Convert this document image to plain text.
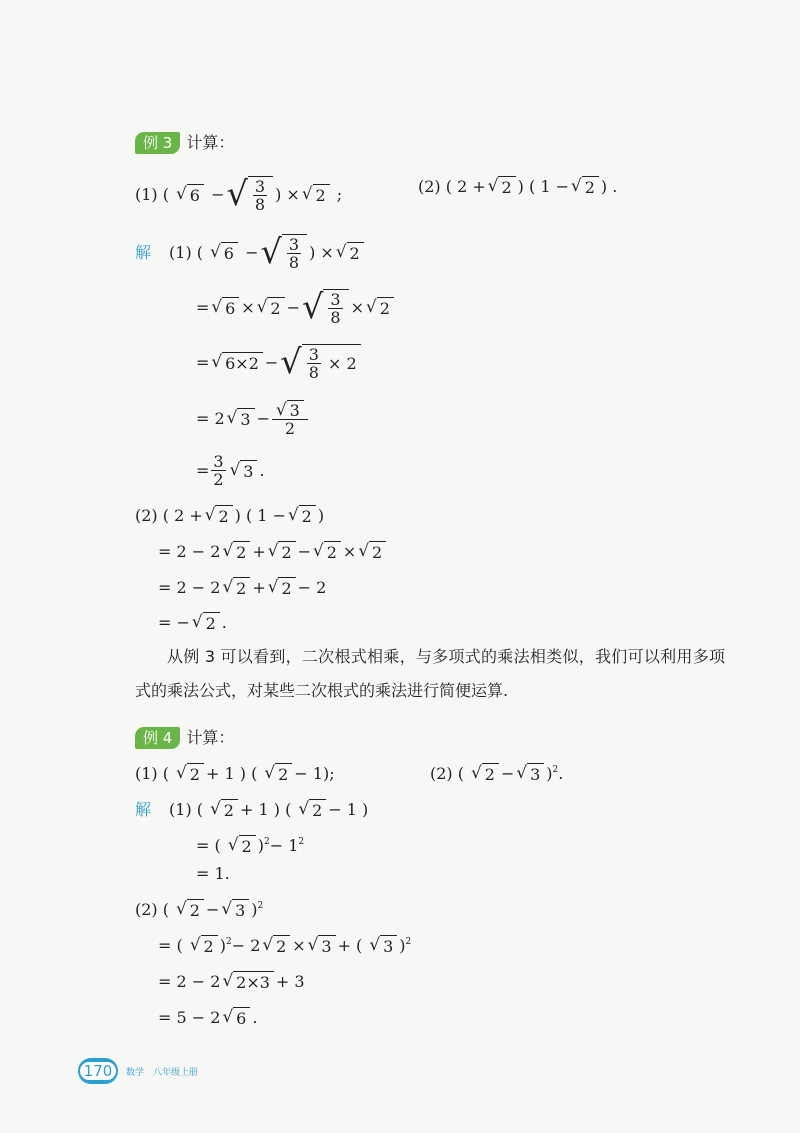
例 3 计算：
(1) ( √ 6 − √ 3
8
) × √ 2 ;	(2) ( 2 + √ 2 ) ( 1 − √ 2 ) .
解 (1) ( √ 6 − √ 3
8
) × √ 2
= √ 6 × √ 2 − √ 3
8
× √ 2
= √ 6×2 − √ 3
8 × 2
= 2 √ 3 − √ 3
2
= 3
2
√ 3 .
(2) ( 2 + √ 2 ) ( 1 − √ 2 )
= 2 − 2 √ 2 + √ 2 − √ 2 × √ 2
= 2 − 2 √ 2 + √ 2 − 2
= − √ 2 .
从例 3 可以看到，二次根式相乘，与多项式的乘法相类似，我们可以利用多项式的乘法公式，对某些二次根式的乘法进行简便运算.
例 4 计算：
(1) ( √ 2 + 1 ) ( √ 2 − 1);	(2) ( √ 2 − √ 3 )$^2$ .
解 (1) ( √ 2 + 1 ) ( √ 2 − 1 )
= ( √ 2 )$^2 - 1^2$
= 1.
(2) ( √ 2 − √ 3 )$^2$
= ( √ 2 )$^2$ − 2 √ 2 × √ 3 + ( √ 3 )$^2$
= 2 − 2 √ 2×3 + 3
= 5 − 2 √ 6 .
170	数学　八年级上册
